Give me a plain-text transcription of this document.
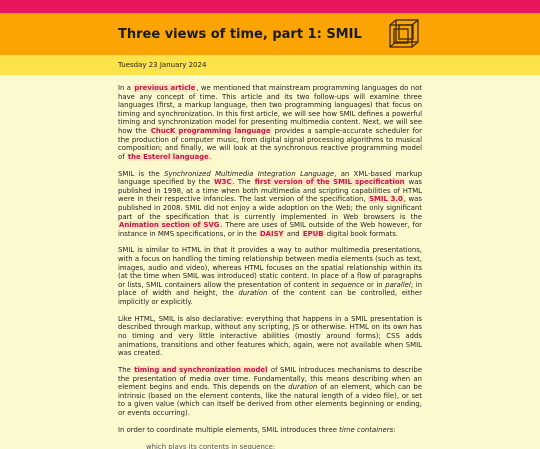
Three views of time, part 1: SMIL
Tuesday 23 January 2024

In a previous article, we mentioned that mainstream programming languages do not have any concept of time. This article and its two follow-ups will examine three languages (first, a markup language, then two programming languages) that focus on timing and synchronization. In this first article, we will see how SMIL defines a powerful timing and synchronization model for presenting multimedia content. Next, we will see how the ChucK programming language provides a sample-accurate scheduler for the production of computer music, from digital signal processing algorithms to musical composition; and finally, we will look at the synchronous reactive programming model of the Esterel language.

SMIL is the Synchronized Multimedia Integration Language, an XML-based markup language specified by the W3C. The first version of the SMIL specification was published in 1998, at a time when both multimedia and scripting capabilities of HTML were in their respective infancies. The last version of the specification, SMIL 3.0, was published in 2008. SMIL did not enjoy a wide adoption on the Web; the only significant part of the specification that is currently implemented in Web browsers is the Animation section of SVG. There are uses of SMIL outside of the Web however, for instance in MMS specifications, or in the DAISY and EPUB digital book formats.

SMIL is similar to HTML in that it provides a way to author multimedia presentations, with a focus on handling the timing relationship between media elements (such as text, images, audio and video), whereas HTML focuses on the spatial relationship within its (at the time when SMIL was introduced) static content. In place of a flow of paragraphs or lists, SMIL containers allow the presentation of content in sequence or in parallel; in place of width and height, the duration of the content can be controlled, either implicitly or explicitly.

Like HTML, SMIL is also declarative: everything that happens in a SMIL presentation is described through markup, without any scripting, JS or otherwise. HTML on its own has no timing and very little interactive abilities (mostly around forms); CSS adds animations, transitions and other features which, again, were not available when SMIL was created.

The timing and synchronization model of SMIL introduces mechanisms to describe the presentation of media over time. Fundamentally, this means describing when an element begins and ends. This depends on the duration of an element, which can be intrinsic (based on the element contents, like the natural length of a video file), or set to a given value (which can itself be derived from other elements beginning or ending, or events occurring).

In order to coordinate multiple elements, SMIL introduces three time containers:

which plays its contents in sequence;
